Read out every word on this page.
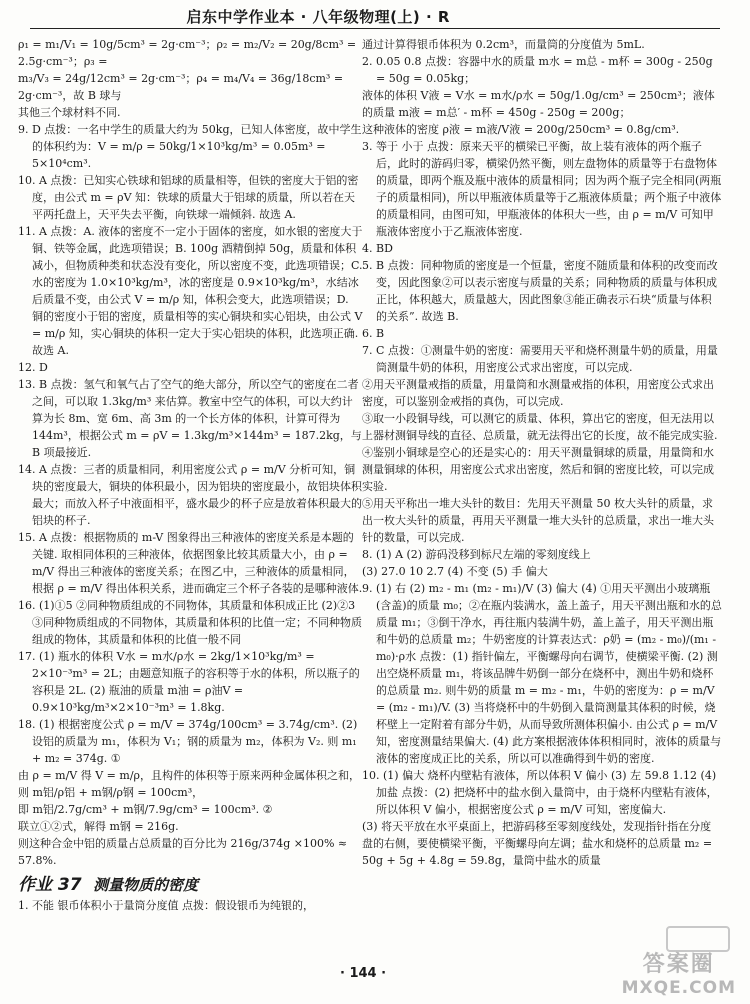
启东中学作业本 · 八年级物理(上) · R

ρ₁ = m₁/V₁ = 10g/5cm³ = 2g·cm⁻³；ρ₂ = m₂/V₂ = 20g/8cm³ = 2.5g·cm⁻³；ρ₃ =

m₃/V₃ = 24g/12cm³ = 2g·cm⁻³；ρ₄ = m₄/V₄ = 36g/18cm³ = 2g·cm⁻³，故 B 球与

其他三个球材料不同.

9. D 点拨：一名中学生的质量大约为 50kg，已知人体密度，故中学生的体积约为：V = m/ρ = 50kg/1×10³kg/m³ = 0.05m³ = 5×10⁴cm³.

10. A 点拨：已知实心铁球和铝球的质量相等，但铁的密度大于铝的密度，由公式 m = ρV 知：铁球的质量大于铝球的质量，所以若在天平两托盘上，天平失去平衡，向铁球一端倾斜. 故选 A.

11. A 点拨：A. 液体的密度不一定小于固体的密度，如水银的密度大于铜、铁等金属，此选项错误；B. 100g 酒精倒掉 50g，质量和体积减小，但物质种类和状态没有变化，所以密度不变，此选项错误；C. 水的密度为 1.0×10³kg/m³，冰的密度是 0.9×10³kg/m³，水结冰后质量不变，由公式 V = m/ρ 知，体积会变大，此选项错误；D. 铜的密度小于铝的密度，质量相等的实心铜块和实心铝块，由公式 V = m/ρ 知，实心铜块的体积一定大于实心铝块的体积，此选项正确. 故选 A.

12. D

13. B 点拨：氢气和氧气占了空气的绝大部分，所以空气的密度在二者之间，可以取 1.3kg/m³ 来估算。教室中空气的体积，可以大约计算为长 8m、宽 6m、高 3m 的一个长方体的体积，计算可得为 144m³，根据公式 m = ρV = 1.3kg/m³×144m³ = 187.2kg，与 B 项最接近.

14. A 点拨：三者的质量相同，利用密度公式 ρ = m/V 分析可知，铜块的密度最大，铜块的体积最小，因为铝块的密度最小，故铝块体积最大；而放入杯子中液面相平，盛水最少的杯子应是放着体积最大的铝块的杯子.

15. A 点拨：根据物质的 m-V 图象得出三种液体的密度关系是本题的关键. 取相同体积的三种液体，依据图象比较其质量大小，由 ρ = m/V 得出三种液体的密度关系；在图乙中，三种液体的质量相同，根据 ρ = m/V 得出体积关系，进而确定三个杯子各装的是哪种液体.

16. (1)①5 ②同种物质组成的不同物体，其质量和体积成正比 (2)②3 ③同种物质组成的不同物体，其质量和体积的比值一定；不同种物质组成的物体，其质量和体积的比值一般不同

17. (1) 瓶水的体积 V水 = m水/ρ水 = 2kg/1×10³kg/m³ = 2×10⁻³m³ = 2L；由题意知瓶子的容积等于水的体积，所以瓶子的容积是 2L. (2) 瓶油的质量 m油 = ρ油V = 0.9×10³kg/m³×2×10⁻³m³ = 1.8kg.

18. (1) 根据密度公式 ρ = m/V = 374g/100cm³ = 3.74g/cm³. (2) 设铝的质量为 m₁，体积为 V₁；钢的质量为 m₂，体积为 V₂. 则 m₁ + m₂ = 374g. ①

由 ρ = m/V 得 V = m/ρ，且构件的体积等于原来两种金属体积之和，则 m铝/ρ铝 + m钢/ρ钢 = 100cm³，

即 m铝/2.7g/cm³ + m钢/7.9g/cm³ = 100cm³. ②

联立①②式，解得 m钢 = 216g.

则这种合金中铝的质量占总质量的百分比为 216g/374g ×100% ≈ 57.8%.

作业 37 测量物质的密度

1. 不能 银币体积小于量筒分度值 点拨：假设银币为纯银的，

通过计算得银币体积为 0.2cm³，而量筒的分度值为 5mL.

2. 0.05 0.8 点拨：容器中水的质量 m水 = m总 - m杯 = 300g - 250g = 50g = 0.05kg；

液体的体积 V液 = V水 = m水/ρ水 = 50g/1.0g/cm³ = 250cm³；液体的质量 m液 = m总′ - m杯 = 450g - 250g = 200g；

这种液体的密度 ρ液 = m液/V液 = 200g/250cm³ = 0.8g/cm³.

3. 等于 小于 点拨：原来天平的横梁已平衡，故上装有液体的两个瓶子后，此时的游码归零，横梁仍然平衡，则左盘物体的质量等于右盘物体的质量，即两个瓶及瓶中液体的质量相同；因为两个瓶子完全相同(两瓶子的质量相同)，所以甲瓶液体质量等于乙瓶液体质量；两个瓶子中液体的质量相同，由图可知，甲瓶液体的体积大一些，由 ρ = m/V 可知甲瓶液体密度小于乙瓶液体密度.

4. BD

5. B 点拨：同种物质的密度是一个恒量，密度不随质量和体积的改变而改变，因此图象②可以表示密度与质量的关系；同种物质的质量与体积成正比，体积越大，质量越大，因此图象③能正确表示石块“质量与体积的关系”. 故选 B.

6. B

7. C 点拨：①测量牛奶的密度：需要用天平和烧杯测量牛奶的质量，用量筒测量牛奶的体积，用密度公式求出密度，可以完成.

②用天平测量戒指的质量，用量筒和水测量戒指的体积，用密度公式求出密度，可以鉴别金戒指的真伪，可以完成.

③取一小段铜导线，可以测它的质量、体积，算出它的密度，但无法用以上器材测铜导线的直径、总质量，就无法得出它的长度，故不能完成实验.

④鉴别小铜球是空心的还是实心的：用天平测量铜球的质量，用量筒和水测量铜球的体积，用密度公式求出密度，然后和铜的密度比较，可以完成实验.

⑤用天平称出一堆大头针的数目：先用天平测量 50 枚大头针的质量，求出一枚大头针的质量，再用天平测量一堆大头针的总质量，求出一堆大头针的数量，可以完成.

8. (1) A (2) 游码没移到标尺左端的零刻度线上

(3) 27.0 10 2.7 (4) 不变 (5) 手 偏大

9. (1) 右 (2) m₂ - m₁ (m₂ - m₁)/V (3) 偏大 (4) ①用天平测出小玻璃瓶(含盖)的质量 m₀；②在瓶内装满水，盖上盖子，用天平测出瓶和水的总质量 m₁；③倒干净水，再往瓶内装满牛奶，盖上盖子，用天平测出瓶和牛奶的总质量 m₂；牛奶密度的计算表达式：ρ奶 = (m₂ - m₀)/(m₁ - m₀)·ρ水 点拨：(1) 指针偏左，平衡螺母向右调节，使横梁平衡. (2) 测出空烧杯质量 m₁，将该品牌牛奶倒一部分在烧杯中，测出牛奶和烧杯的总质量 m₂. 则牛奶的质量 m = m₂ - m₁，牛奶的密度为：ρ = m/V = (m₂ - m₁)/V. (3) 当将烧杯中的牛奶倒入量筒测量其体积的时候，烧杯壁上一定附着有部分牛奶，从而导致所测体积偏小. 由公式 ρ = m/V 知，密度测量结果偏大. (4) 此方案根据液体体积相同时，液体的质量与液体的密度成正比的关系，所以可以准确得到牛奶的密度.

10. (1) 偏大 烧杯内壁粘有液体，所以体积 V 偏小 (3) 左 59.8 1.12 (4) 加盐 点拨：(2) 把烧杯中的盐水倒入量筒中，由于烧杯内壁粘有液体，所以体积 V 偏小，根据密度公式 ρ = m/V 可知，密度偏大.

(3) 将天平放在水平桌面上，把游码移至零刻度线处，发现指针指在分度盘的右侧，要使横梁平衡，平衡螺母向左调；盐水和烧杯的总质量 m₂ = 50g + 5g + 4.8g = 59.8g，量筒中盐水的质量

· 144 ·	答案圈
MXQE.COM
